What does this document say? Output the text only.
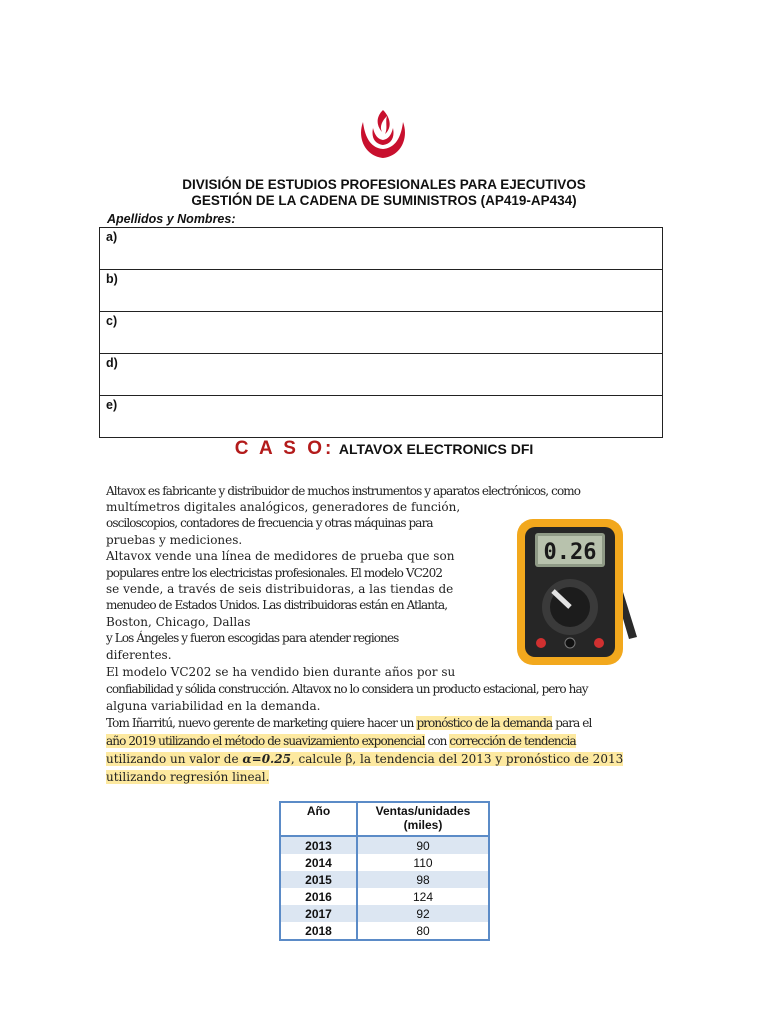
DIVISIÓN DE ESTUDIOS PROFESIONALES PARA EJECUTIVOS
GESTIÓN DE LA CADENA DE SUMINISTROS (AP419-AP434)
Apellidos y Nombres:
a)
b)
c)
d)
e)
C A S O: ALTAVOX ELECTRONICS DFI
0.26
Altavox es fabricante y distribuidor de muchos instrumentos y aparatos electrónicos, como
multímetros digitales analógicos, generadores de función,
osciloscopios, contadores de frecuencia y otras máquinas para
pruebas y mediciones.
Altavox vende una línea de medidores de prueba que son
populares entre los electricistas profesionales. El modelo VC202
se vende, a través de seis distribuidoras, a las tiendas de
menudeo de Estados Unidos. Las distribuidoras están en Atlanta,
Boston, Chicago, Dallas
y Los Ángeles y fueron escogidas para atender regiones
diferentes.
El modelo VC202 se ha vendido bien durante años por su
confiabilidad y sólida construcción. Altavox no lo considera un producto estacional, pero hay
alguna variabilidad en la demanda.
Tom Iñarritú, nuevo gerente de marketing quiere hacer un pronóstico de la demanda para el
año 2019 utilizando el método de suavizamiento exponencial con corrección de tendencia
utilizando un valor de α=0.25, calcule β, la tendencia del 2013 y pronóstico de 2013
utilizando regresión lineal.
Año	Ventas/unidades (miles)
2013	90
2014	110
2015	98
2016	124
2017	92
2018	80
